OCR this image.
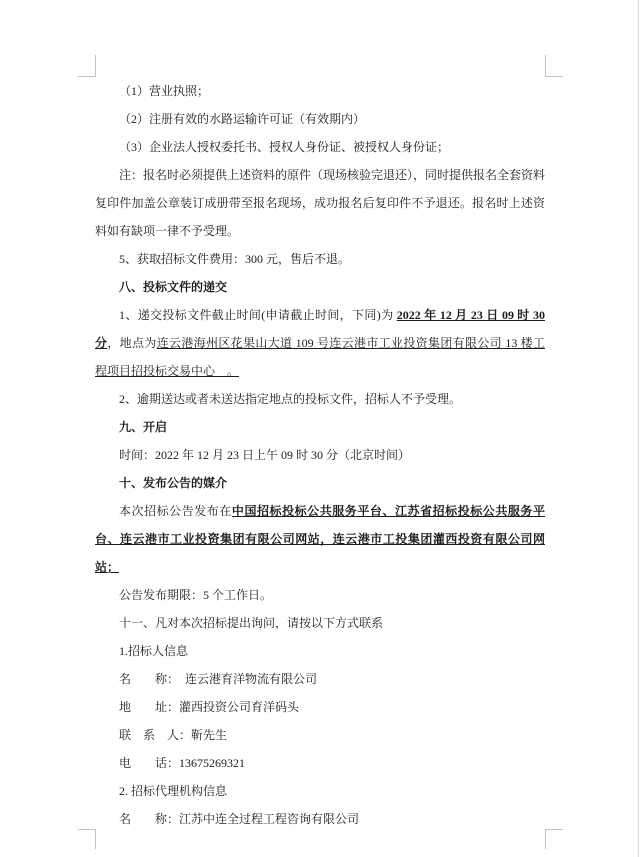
（1）营业执照；

（2）注册有效的水路运输许可证（有效期内）

（3）企业法人授权委托书、授权人身份证、被授权人身份证；

注：报名时必须提供上述资料的原件（现场核验完退还），同时提供报名全套资料复印件加盖公章装订成册带至报名现场，成功报名后复印件不予退还。报名时上述资料如有缺项一律不予受理。

5、获取招标文件费用：300 元，售后不退。

八、投标文件的递交

1、递交投标文件截止时间(申请截止时间，下同)为 2022 年 12 月 23 日 09 时 30 分，地点为连云港海州区花果山大道 109 号连云港市工业投资集团有限公司 13 楼工程项目招投标交易中心　。

2、逾期送达或者未送达指定地点的投标文件，招标人不予受理。

九、开启

时间：2022 年 12 月 23 日上午 09 时 30 分（北京时间）

十、发布公告的媒介

本次招标公告发布在中国招标投标公共服务平台、江苏省招标投标公共服务平台、连云港市工业投资集团有限公司网站，连云港市工投集团灌西投资有限公司网站；

公告发布期限：5 个工作日。

十一、凡对本次招标提出询问，请按以下方式联系

1.招标人信息

名　　称：　连云港育洋物流有限公司

地　　址：灌西投资公司育洋码头

联　系　人：靳先生

电　　话：13675269321

2. 招标代理机构信息

名　　称：江苏中连全过程工程咨询有限公司
